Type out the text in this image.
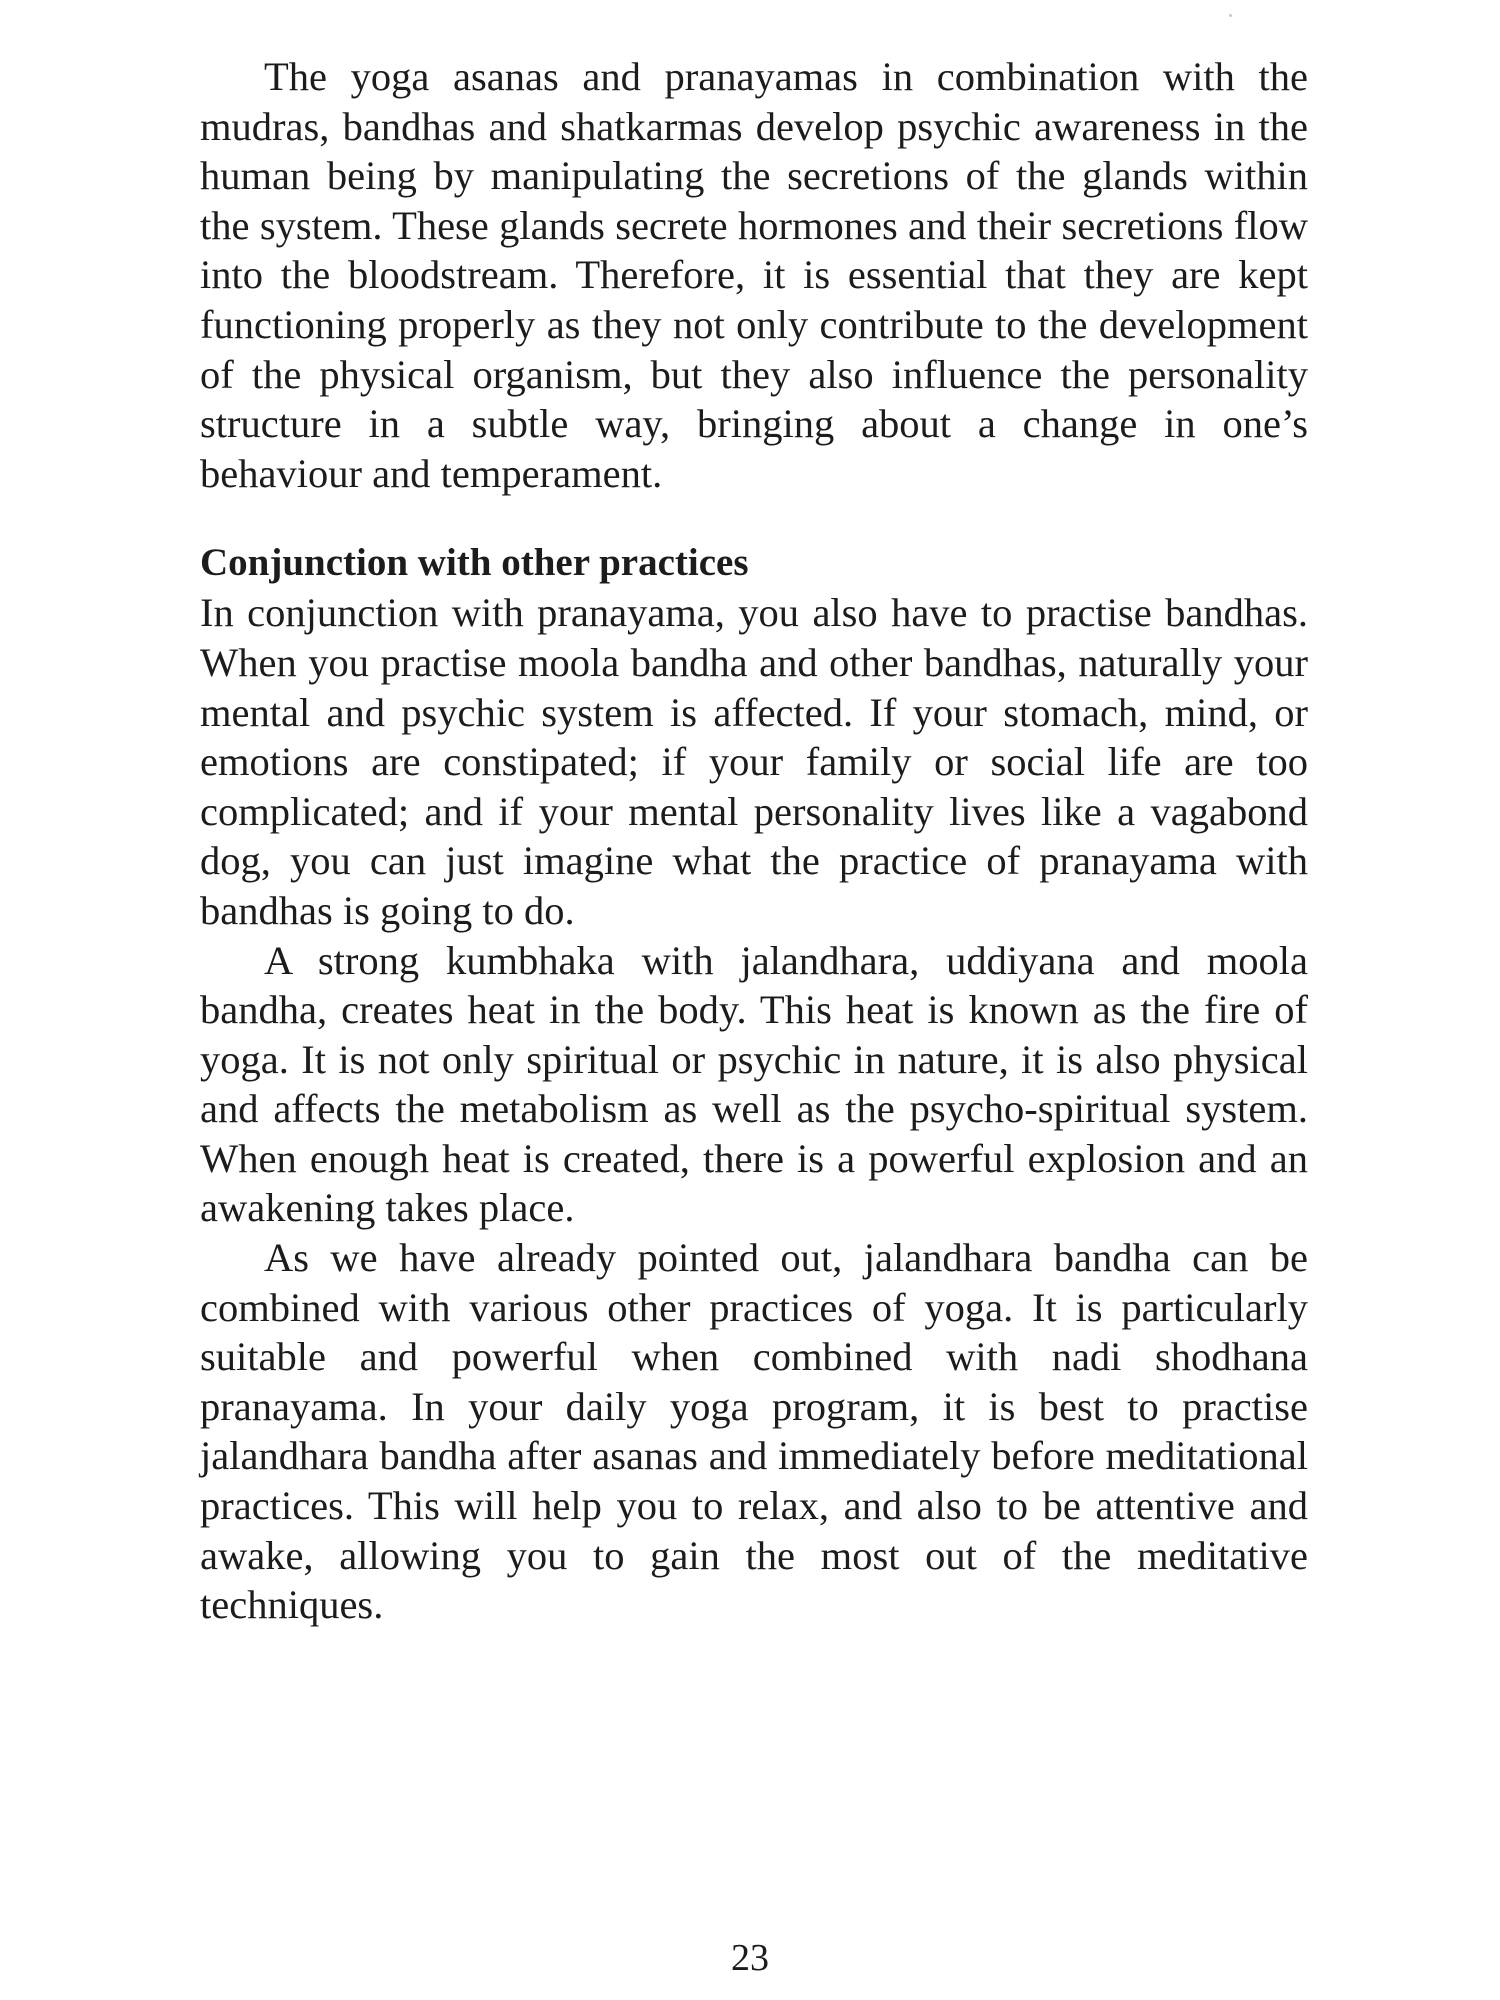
The yoga asanas and pranayamas in combination with the mudras, bandhas and shatkarmas develop psychic awareness in the human being by manipulating the secretions of the glands within the system. These glands secrete hormones and their secretions flow into the bloodstream. Therefore, it is essential that they are kept functioning properly as they not only contribute to the development of the physical organism, but they also influence the personality structure in a subtle way, bringing about a change in one’s behaviour and temperament.

Conjunction with other practices

In conjunction with pranayama, you also have to practise bandhas. When you practise moola bandha and other bandhas, naturally your mental and psychic system is affected. If your stomach, mind, or emotions are constipated; if your family or social life are too complicated; and if your mental personality lives like a vagabond dog, you can just imagine what the practice of pranayama with bandhas is going to do.

A strong kumbhaka with jalandhara, uddiyana and moola bandha, creates heat in the body. This heat is known as the fire of yoga. It is not only spiritual or psychic in nature, it is also physical and affects the metabolism as well as the psycho-spiritual system. When enough heat is created, there is a powerful explosion and an awakening takes place.

As we have already pointed out, jalandhara bandha can be combined with various other practices of yoga. It is particularly suitable and powerful when combined with nadi shodhana pranayama. In your daily yoga program, it is best to practise jalandhara bandha after asanas and immediately before meditational practices. This will help you to relax, and also to be attentive and awake, allowing you to gain the most out of the meditative techniques.

23
